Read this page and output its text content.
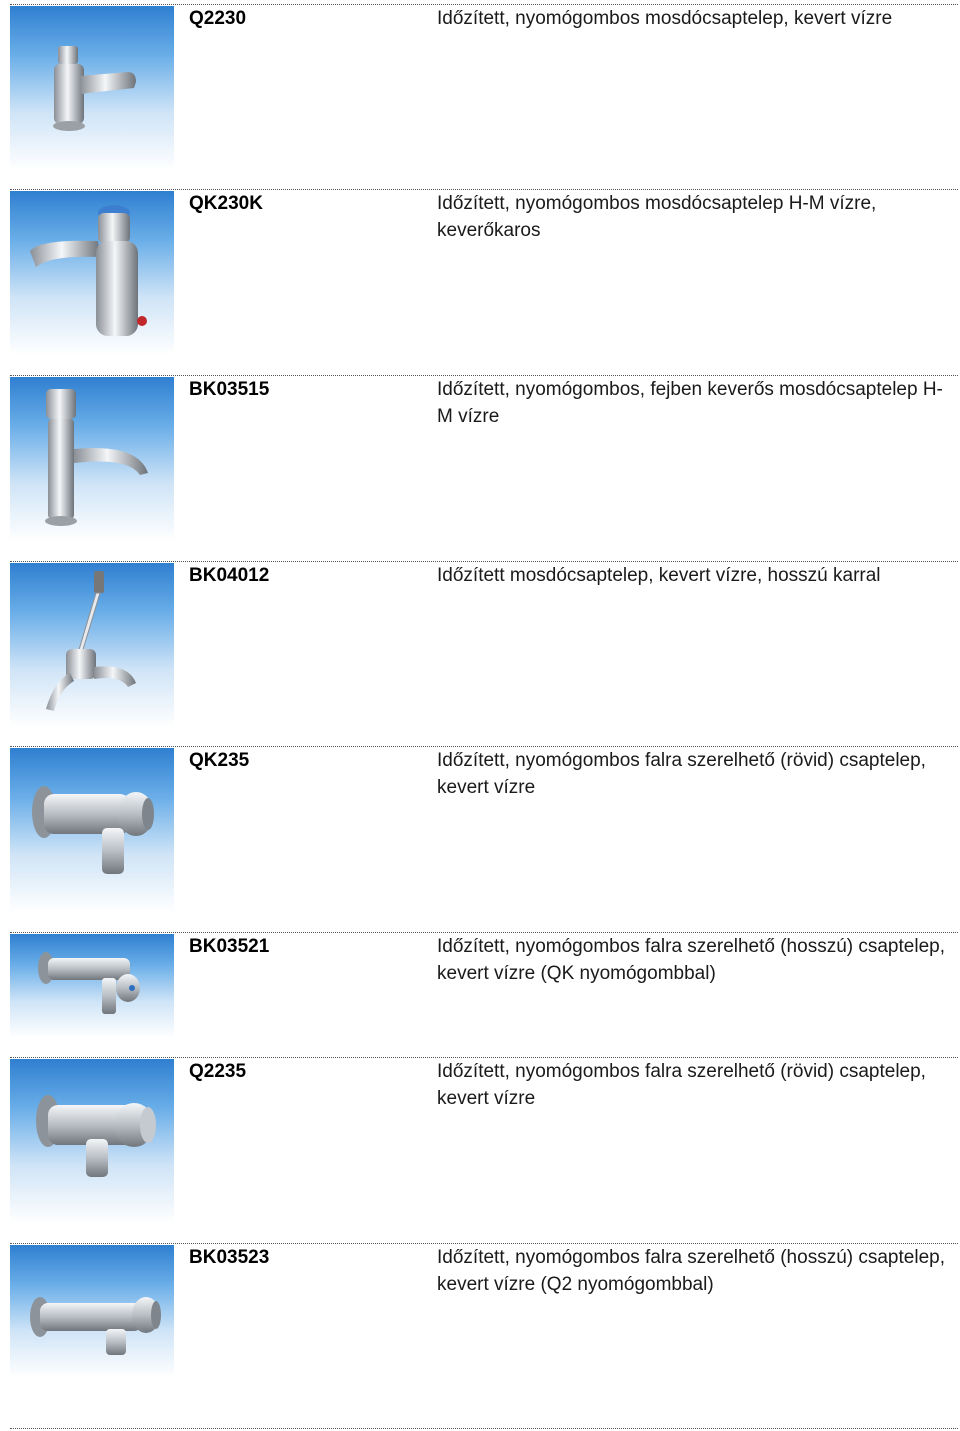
Q2230	Időzített, nyomógombos mosdócsaptelep, kevert vízre
QK230K	Időzített, nyomógombos mosdócsaptelep H-M vízre, keverőkaros
BK03515	Időzített, nyomógombos, fejben keverős mosdócsaptelep H-M vízre
BK04012	Időzített mosdócsaptelep, kevert vízre, hosszú karral
QK235	Időzített, nyomógombos falra szerelhető (rövid) csaptelep, kevert vízre
BK03521	Időzített, nyomógombos falra szerelhető (hosszú) csaptelep, kevert vízre (QK nyomógombbal)
Q2235	Időzített, nyomógombos falra szerelhető (rövid) csaptelep, kevert vízre
BK03523	Időzített, nyomógombos falra szerelhető (hosszú) csaptelep, kevert vízre (Q2 nyomógombbal)
